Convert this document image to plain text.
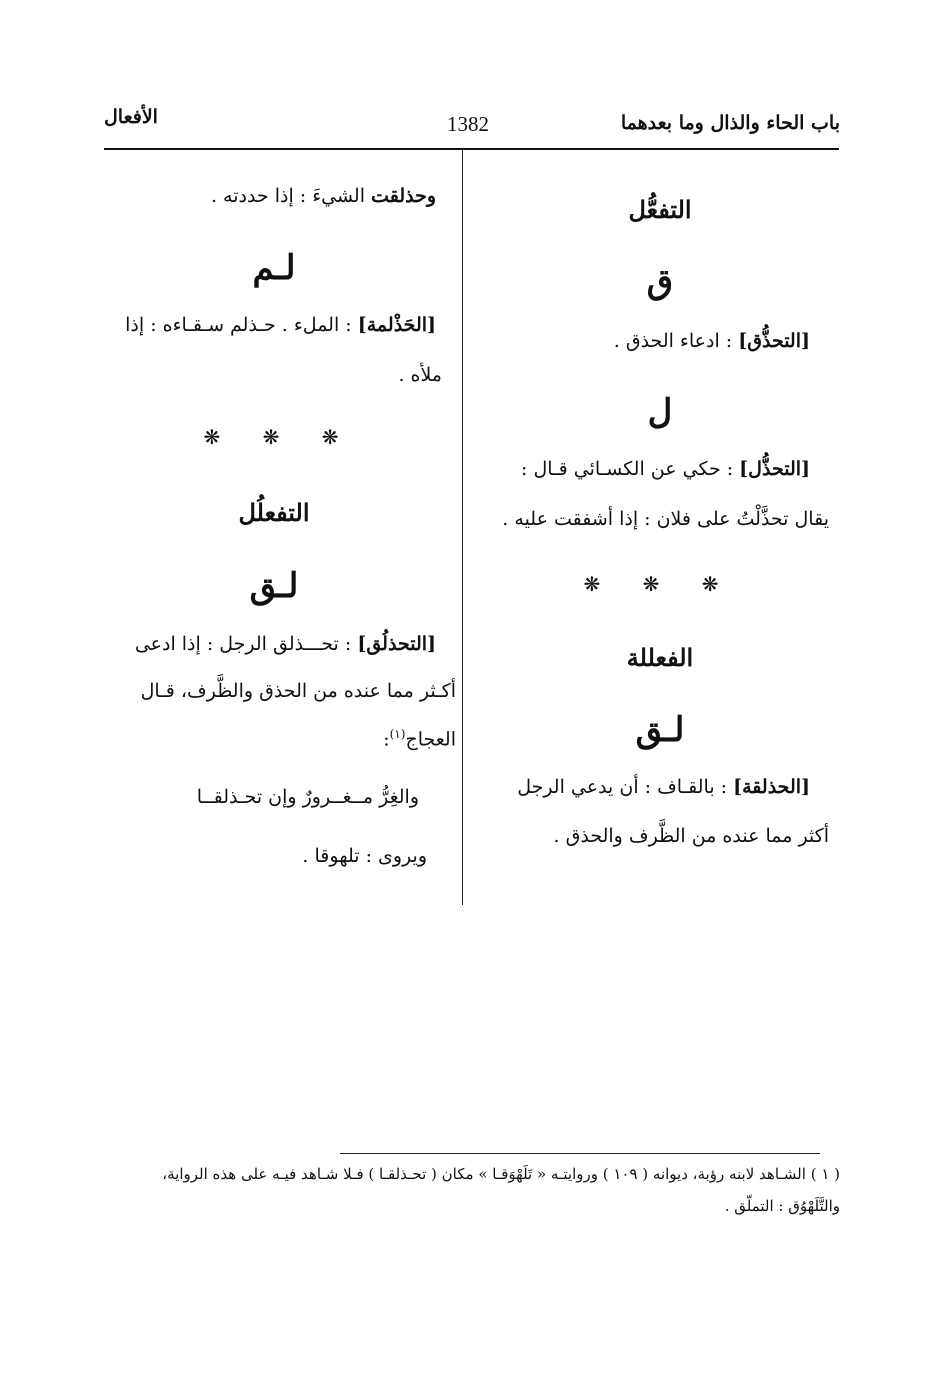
باب الحاء والذال وما بعدهما
1382
الأفعال
التفعُّل
ق
[التحذُّق] : ادعاء الحذق .
ل
[التحذُّل] : حكي عن الكسـائي قـال :
يقال تحذَّلْتُ على فلان : إذا أشفقت عليه .
❋ ❋ ❋
الفعللة
لـق
[الحذلقة] : بالقـاف : أن يدعي الرجل
أكثر مما عنده من الظَّرف والحذق .
وحذلقت الشيءَ : إذا حددته .
لـم
[الحَذْلمة] : الملء . حـذلم سـقـاءه : إذا
ملأه .
❋ ❋ ❋
التفعلُل
لـق
[التحذلُق] : تحـــذلق الرجل : إذا ادعى
أكـثر مما عنده من الحذق والظَّرف، قـال
العجاج$^{(١)}$:
والغِرُّ مــغــرورٌ وإن تحـذلقــا
ويروى : تلهوقا .
( ١ ) الشـاهد لابنه رؤبة، ديوانه ( ١٠٩ ) وروايتـه « تَلَهْوَقـا » مكان ( تحـذلقـا ) فـلا شـاهد فيـه على هذه الرواية،
والتَّلَهْوُق : التملّق .
